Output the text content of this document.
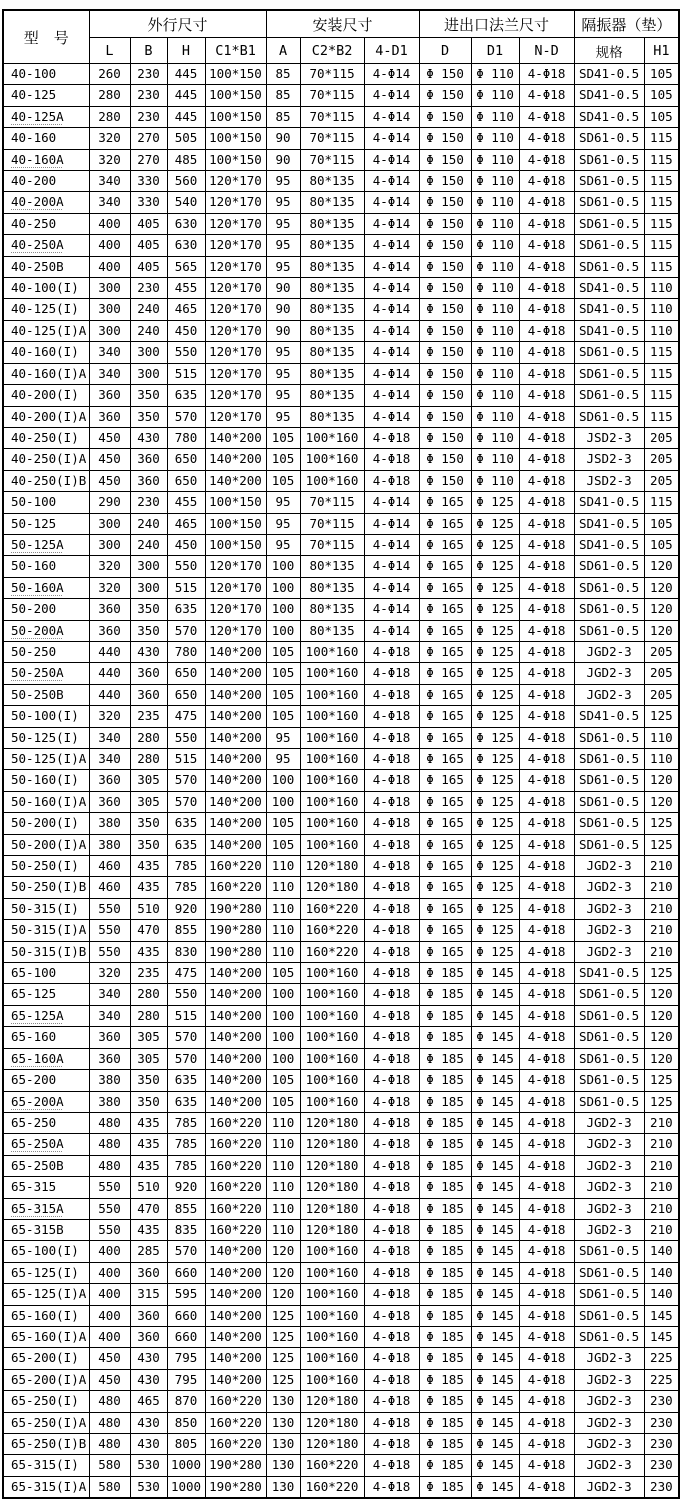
型　号	外行尺寸				安装尺寸			进出口法兰尺寸			隔振器（垫）	
	L	B	H	C1*B1	A	C2*B2	4-D1	D	D1	N-D	规格	H1
40-100	260	230	445	100*150	85	70*115	4-Φ14	Φ 150	Φ 110	4-Φ18	SD41-0.5	105
40-125	280	230	445	100*150	85	70*115	4-Φ14	Φ 150	Φ 110	4-Φ18	SD41-0.5	105
40-125A	280	230	445	100*150	85	70*115	4-Φ14	Φ 150	Φ 110	4-Φ18	SD41-0.5	105
40-160	320	270	505	100*150	90	70*115	4-Φ14	Φ 150	Φ 110	4-Φ18	SD61-0.5	115
40-160A	320	270	485	100*150	90	70*115	4-Φ14	Φ 150	Φ 110	4-Φ18	SD61-0.5	115
40-200	340	330	560	120*170	95	80*135	4-Φ14	Φ 150	Φ 110	4-Φ18	SD61-0.5	115
40-200A	340	330	540	120*170	95	80*135	4-Φ14	Φ 150	Φ 110	4-Φ18	SD61-0.5	115
40-250	400	405	630	120*170	95	80*135	4-Φ14	Φ 150	Φ 110	4-Φ18	SD61-0.5	115
40-250A	400	405	630	120*170	95	80*135	4-Φ14	Φ 150	Φ 110	4-Φ18	SD61-0.5	115
40-250B	400	405	565	120*170	95	80*135	4-Φ14	Φ 150	Φ 110	4-Φ18	SD61-0.5	115
40-100(I)	300	230	455	120*170	90	80*135	4-Φ14	Φ 150	Φ 110	4-Φ18	SD41-0.5	110
40-125(I)	300	240	465	120*170	90	80*135	4-Φ14	Φ 150	Φ 110	4-Φ18	SD41-0.5	110
40-125(I)A	300	240	450	120*170	90	80*135	4-Φ14	Φ 150	Φ 110	4-Φ18	SD41-0.5	110
40-160(I)	340	300	550	120*170	95	80*135	4-Φ14	Φ 150	Φ 110	4-Φ18	SD61-0.5	115
40-160(I)A	340	300	515	120*170	95	80*135	4-Φ14	Φ 150	Φ 110	4-Φ18	SD61-0.5	115
40-200(I)	360	350	635	120*170	95	80*135	4-Φ14	Φ 150	Φ 110	4-Φ18	SD61-0.5	115
40-200(I)A	360	350	570	120*170	95	80*135	4-Φ14	Φ 150	Φ 110	4-Φ18	SD61-0.5	115
40-250(I)	450	430	780	140*200	105	100*160	4-Φ18	Φ 150	Φ 110	4-Φ18	JSD2-3	205
40-250(I)A	450	360	650	140*200	105	100*160	4-Φ18	Φ 150	Φ 110	4-Φ18	JSD2-3	205
40-250(I)B	450	360	650	140*200	105	100*160	4-Φ18	Φ 150	Φ 110	4-Φ18	JSD2-3	205
50-100	290	230	455	100*150	95	70*115	4-Φ14	Φ 165	Φ 125	4-Φ18	SD41-0.5	115
50-125	300	240	465	100*150	95	70*115	4-Φ14	Φ 165	Φ 125	4-Φ18	SD41-0.5	105
50-125A	300	240	450	100*150	95	70*115	4-Φ14	Φ 165	Φ 125	4-Φ18	SD41-0.5	105
50-160	320	300	550	120*170	100	80*135	4-Φ14	Φ 165	Φ 125	4-Φ18	SD61-0.5	120
50-160A	320	300	515	120*170	100	80*135	4-Φ14	Φ 165	Φ 125	4-Φ18	SD61-0.5	120
50-200	360	350	635	120*170	100	80*135	4-Φ14	Φ 165	Φ 125	4-Φ18	SD61-0.5	120
50-200A	360	350	570	120*170	100	80*135	4-Φ14	Φ 165	Φ 125	4-Φ18	SD61-0.5	120
50-250	440	430	780	140*200	105	100*160	4-Φ18	Φ 165	Φ 125	4-Φ18	JGD2-3	205
50-250A	440	360	650	140*200	105	100*160	4-Φ18	Φ 165	Φ 125	4-Φ18	JGD2-3	205
50-250B	440	360	650	140*200	105	100*160	4-Φ18	Φ 165	Φ 125	4-Φ18	JGD2-3	205
50-100(I)	320	235	475	140*200	105	100*160	4-Φ18	Φ 165	Φ 125	4-Φ18	SD41-0.5	125
50-125(I)	340	280	550	140*200	95	100*160	4-Φ18	Φ 165	Φ 125	4-Φ18	SD61-0.5	110
50-125(I)A	340	280	515	140*200	95	100*160	4-Φ18	Φ 165	Φ 125	4-Φ18	SD61-0.5	110
50-160(I)	360	305	570	140*200	100	100*160	4-Φ18	Φ 165	Φ 125	4-Φ18	SD61-0.5	120
50-160(I)A	360	305	570	140*200	100	100*160	4-Φ18	Φ 165	Φ 125	4-Φ18	SD61-0.5	120
50-200(I)	380	350	635	140*200	105	100*160	4-Φ18	Φ 165	Φ 125	4-Φ18	SD61-0.5	125
50-200(I)A	380	350	635	140*200	105	100*160	4-Φ18	Φ 165	Φ 125	4-Φ18	SD61-0.5	125
50-250(I)	460	435	785	160*220	110	120*180	4-Φ18	Φ 165	Φ 125	4-Φ18	JGD2-3	210
50-250(I)B	460	435	785	160*220	110	120*180	4-Φ18	Φ 165	Φ 125	4-Φ18	JGD2-3	210
50-315(I)	550	510	920	190*280	110	160*220	4-Φ18	Φ 165	Φ 125	4-Φ18	JGD2-3	210
50-315(I)A	550	470	855	190*280	110	160*220	4-Φ18	Φ 165	Φ 125	4-Φ18	JGD2-3	210
50-315(I)B	550	435	830	190*280	110	160*220	4-Φ18	Φ 165	Φ 125	4-Φ18	JGD2-3	210
65-100	320	235	475	140*200	105	100*160	4-Φ18	Φ 185	Φ 145	4-Φ18	SD41-0.5	125
65-125	340	280	550	140*200	100	100*160	4-Φ18	Φ 185	Φ 145	4-Φ18	SD61-0.5	120
65-125A	340	280	515	140*200	100	100*160	4-Φ18	Φ 185	Φ 145	4-Φ18	SD61-0.5	120
65-160	360	305	570	140*200	100	100*160	4-Φ18	Φ 185	Φ 145	4-Φ18	SD61-0.5	120
65-160A	360	305	570	140*200	100	100*160	4-Φ18	Φ 185	Φ 145	4-Φ18	SD61-0.5	120
65-200	380	350	635	140*200	105	100*160	4-Φ18	Φ 185	Φ 145	4-Φ18	SD61-0.5	125
65-200A	380	350	635	140*200	105	100*160	4-Φ18	Φ 185	Φ 145	4-Φ18	SD61-0.5	125
65-250	480	435	785	160*220	110	120*180	4-Φ18	Φ 185	Φ 145	4-Φ18	JGD2-3	210
65-250A	480	435	785	160*220	110	120*180	4-Φ18	Φ 185	Φ 145	4-Φ18	JGD2-3	210
65-250B	480	435	785	160*220	110	120*180	4-Φ18	Φ 185	Φ 145	4-Φ18	JGD2-3	210
65-315	550	510	920	160*220	110	120*180	4-Φ18	Φ 185	Φ 145	4-Φ18	JGD2-3	210
65-315A	550	470	855	160*220	110	120*180	4-Φ18	Φ 185	Φ 145	4-Φ18	JGD2-3	210
65-315B	550	435	835	160*220	110	120*180	4-Φ18	Φ 185	Φ 145	4-Φ18	JGD2-3	210
65-100(I)	400	285	570	140*200	120	100*160	4-Φ18	Φ 185	Φ 145	4-Φ18	SD61-0.5	140
65-125(I)	400	360	660	140*200	120	100*160	4-Φ18	Φ 185	Φ 145	4-Φ18	SD61-0.5	140
65-125(I)A	400	315	595	140*200	120	100*160	4-Φ18	Φ 185	Φ 145	4-Φ18	SD61-0.5	140
65-160(I)	400	360	660	140*200	125	100*160	4-Φ18	Φ 185	Φ 145	4-Φ18	SD61-0.5	145
65-160(I)A	400	360	660	140*200	125	100*160	4-Φ18	Φ 185	Φ 145	4-Φ18	SD61-0.5	145
65-200(I)	450	430	795	140*200	125	100*160	4-Φ18	Φ 185	Φ 145	4-Φ18	JGD2-3	225
65-200(I)A	450	430	795	140*200	125	100*160	4-Φ18	Φ 185	Φ 145	4-Φ18	JGD2-3	225
65-250(I)	480	465	870	160*220	130	120*180	4-Φ18	Φ 185	Φ 145	4-Φ18	JGD2-3	230
65-250(I)A	480	430	850	160*220	130	120*180	4-Φ18	Φ 185	Φ 145	4-Φ18	JGD2-3	230
65-250(I)B	480	430	805	160*220	130	120*180	4-Φ18	Φ 185	Φ 145	4-Φ18	JGD2-3	230
65-315(I)	580	530	1000	190*280	130	160*220	4-Φ18	Φ 185	Φ 145	4-Φ18	JGD2-3	230
65-315(I)A	580	530	1000	190*280	130	160*220	4-Φ18	Φ 185	Φ 145	4-Φ18	JGD2-3	230
